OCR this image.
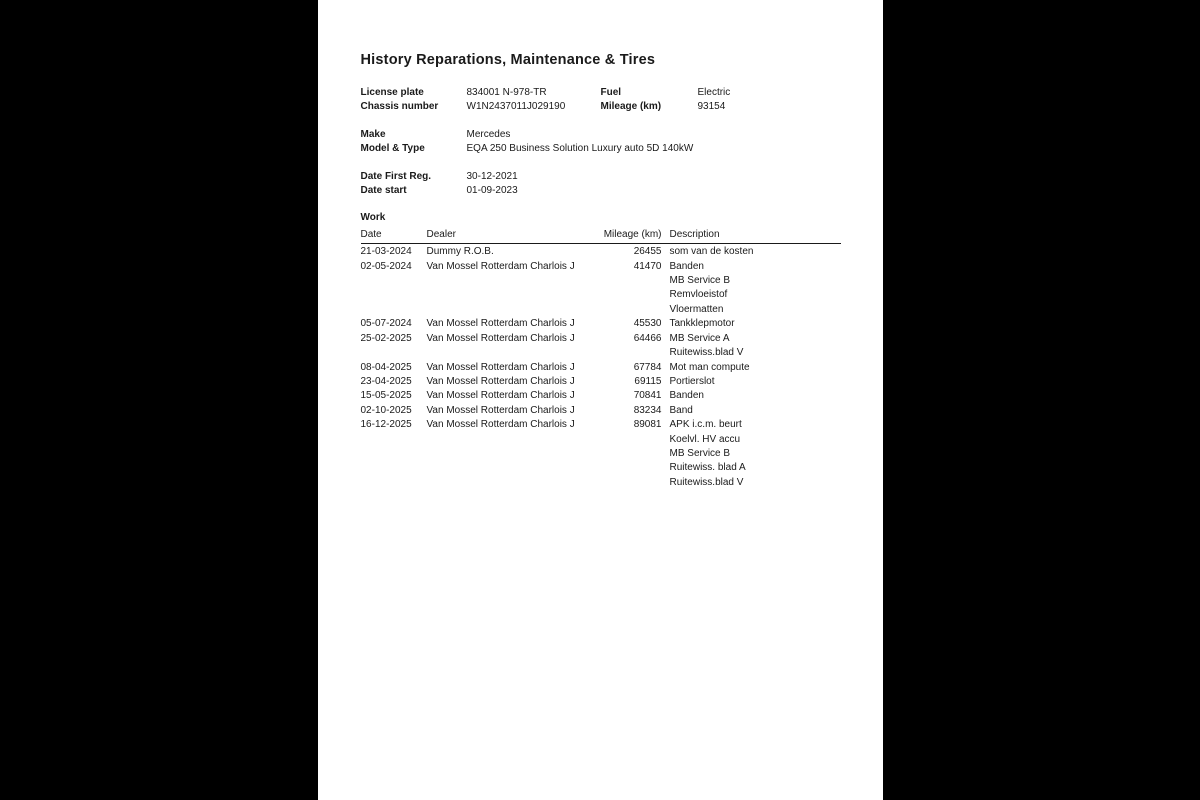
History Reparations, Maintenance & Tires
License plate	834001 N-978-TR	Fuel	Electric
Chassis number	W1N2437011J029190	Mileage (km)	93154
Make	Mercedes
Model & Type	EQA 250 Business Solution Luxury auto 5D 140kW
Date First Reg.	30-12-2021
Date start	01-09-2023
Work
Date	Dealer	Mileage (km) Description
21-03-2024	Dummy R.O.B.	26455 som van de kosten
02-05-2024	Van Mossel Rotterdam Charlois J	41470 Banden
MB Service B
Remvloeistof
Vloermatten
05-07-2024	Van Mossel Rotterdam Charlois J	45530 Tankklepmotor
25-02-2025	Van Mossel Rotterdam Charlois J	64466 MB Service A
Ruitewiss.blad V
08-04-2025	Van Mossel Rotterdam Charlois J	67784 Mot man compute
23-04-2025	Van Mossel Rotterdam Charlois J	69115 Portierslot
15-05-2025	Van Mossel Rotterdam Charlois J	70841 Banden
02-10-2025	Van Mossel Rotterdam Charlois J	83234 Band
16-12-2025	Van Mossel Rotterdam Charlois J	89081 APK i.c.m. beurt
Koelvl. HV accu
MB Service B
Ruitewiss. blad A
Ruitewiss.blad V
